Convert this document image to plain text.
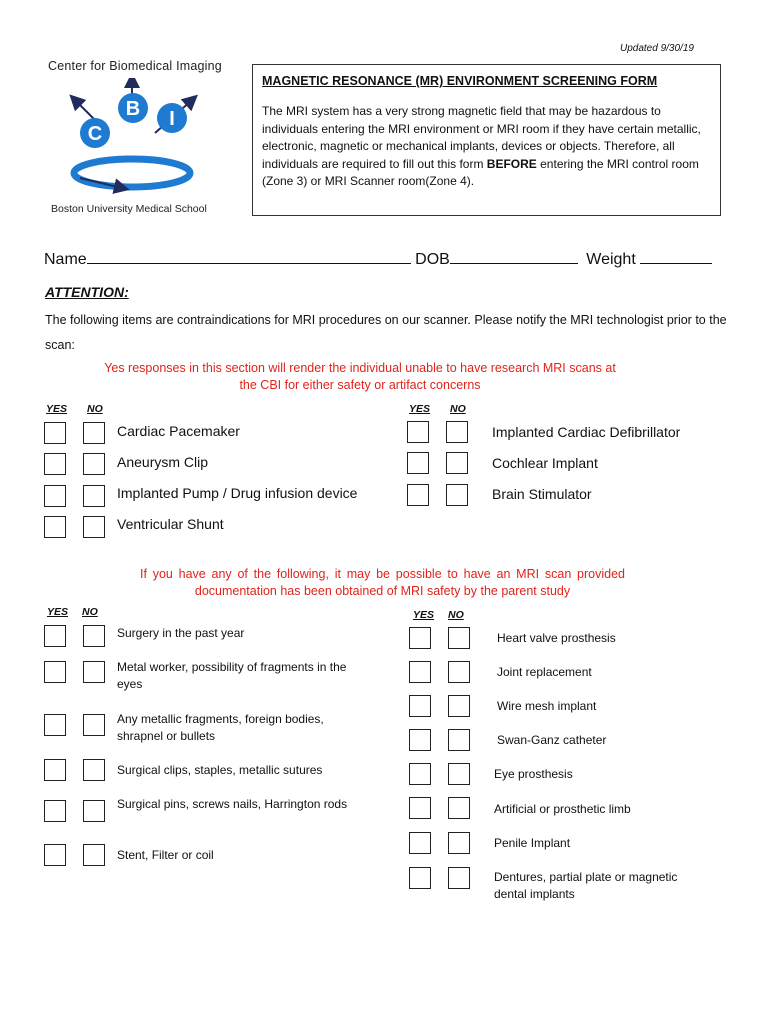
Updated 9/30/19
Center for Biomedical Imaging
B
C
I
Boston University Medical School
MAGNETIC RESONANCE (MR) ENVIRONMENT SCREENING FORM
The MRI system has a very strong magnetic field that may be hazardous to individuals entering the MRI environment or MRI room if they have certain metallic, electronic, magnetic or mechanical implants, devices or objects. Therefore, all individuals are required to fill out this form BEFORE entering the MRI control room (Zone 3) or MRI Scanner room(Zone 4).
Name	DOB	Weight
ATTENTION:
The following items are contraindications for MRI procedures on our scanner. Please notify the MRI technologist prior to the scan:
Yes responses in this section will render the individual unable to have research MRI scans at the CBI for either safety or artifact concerns
YES NO	YES NO
Cardiac Pacemaker
Aneurysm Clip
Implanted Pump / Drug infusion device
Ventricular Shunt
Implanted Cardiac Defibrillator
Cochlear Implant
Brain Stimulator
If you have any of the following, it may be possible to have an MRI scan provided documentation has been obtained of MRI safety by the parent study
YES NO	YES NO
Surgery in the past year
Metal worker, possibility of fragments in the eyes
Any metallic fragments, foreign bodies, shrapnel or bullets
Surgical clips, staples, metallic sutures
Surgical pins, screws nails, Harrington rods
Stent, Filter or coil
Heart valve prosthesis
Joint replacement
Wire mesh implant
Swan-Ganz catheter
Eye prosthesis
Artificial or prosthetic limb
Penile Implant
Dentures, partial plate or magnetic dental implants
